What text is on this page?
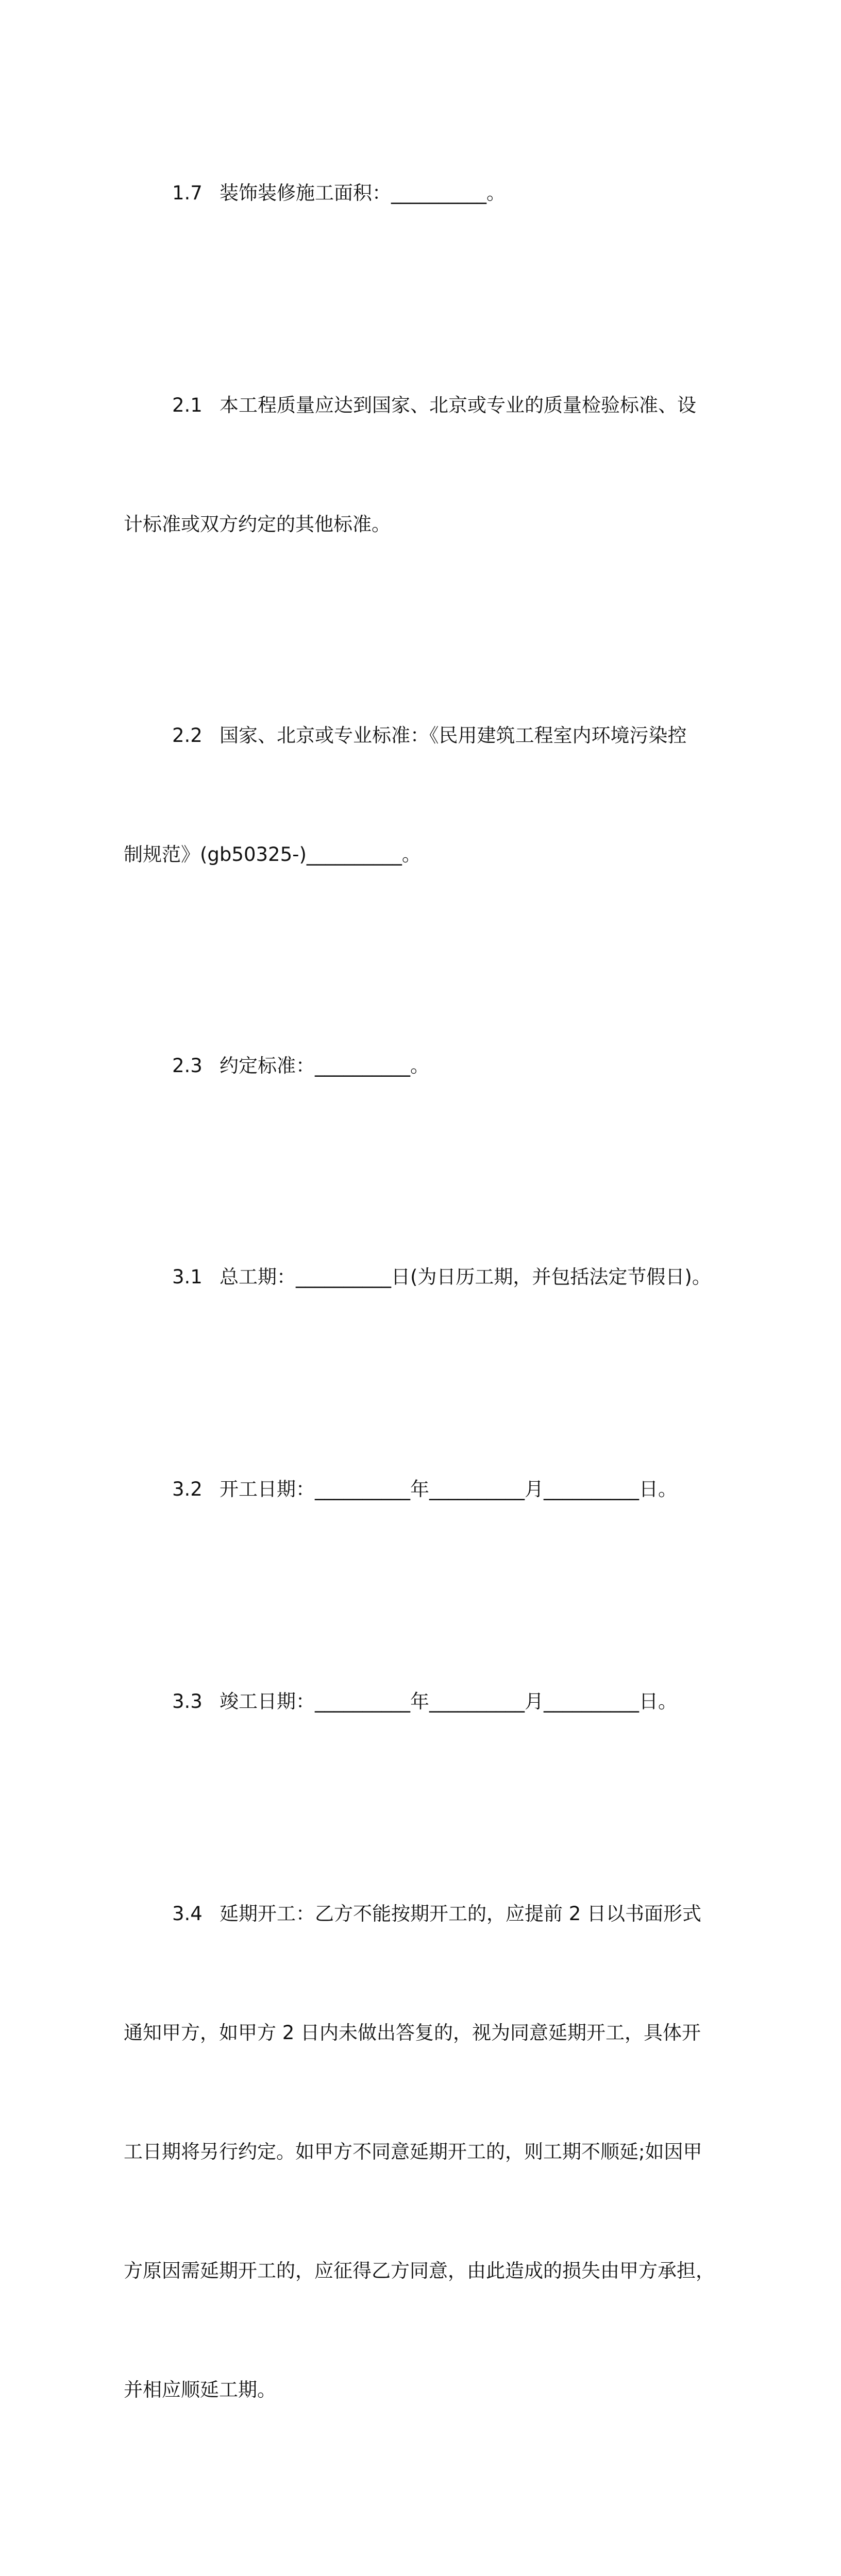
1.7 装饰装修施工面积：__________。

2.1 本工程质量应达到国家、北京或专业的质量检验标准、设

计标准或双方约定的其他标准。

2.2 国家、北京或专业标准：《民用建筑工程室内环境污染控

制规范》(gb50325-)__________。

2.3 约定标准：__________。

3.1 总工期：__________日(为日历工期，并包括法定节假日)。

3.2 开工日期：__________年__________月__________日。

3.3 竣工日期：__________年__________月__________日。

3.4 延期开工：乙方不能按期开工的，应提前 2 日以书面形式

通知甲方，如甲方 2 日内未做出答复的，视为同意延期开工，具体开

工日期将另行约定。如甲方不同意延期开工的，则工期不顺延;如因甲

方原因需延期开工的，应征得乙方同意，由此造成的损失由甲方承担，

并相应顺延工期。
